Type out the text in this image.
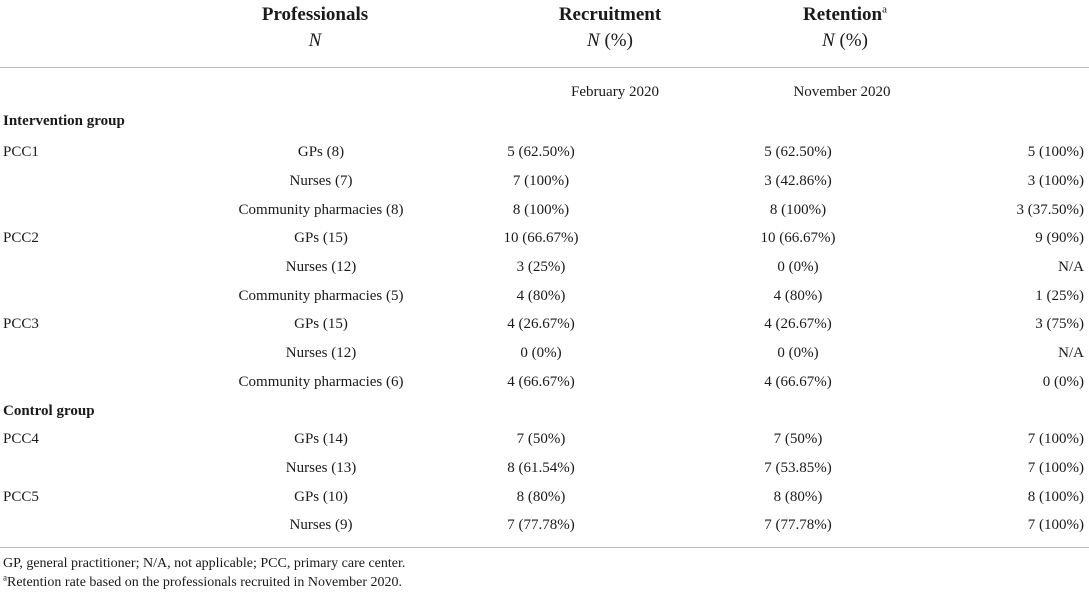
Professionals
N
Recruitment
N (%)
Retention$^a$
N (%)
February 2020	November 2020
Intervention group
PCC1	GPs (8)	5 (62.50%)	5 (62.50%)	5 (100%)
	Nurses (7)	7 (100%)	3 (42.86%)	3 (100%)
	Community pharmacies (8)	8 (100%)	8 (100%)	3 (37.50%)
PCC2	GPs (15)	10 (66.67%)	10 (66.67%)	9 (90%)
	Nurses (12)	3 (25%)	0 (0%)	N/A
	Community pharmacies (5)	4 (80%)	4 (80%)	1 (25%)
PCC3	GPs (15)	4 (26.67%)	4 (26.67%)	3 (75%)
	Nurses (12)	0 (0%)	0 (0%)	N/A
	Community pharmacies (6)	4 (66.67%)	4 (66.67%)	0 (0%)
Control group				
PCC4	GPs (14)	7 (50%)	7 (50%)	7 (100%)
	Nurses (13)	8 (61.54%)	7 (53.85%)	7 (100%)
PCC5	GPs (10)	8 (80%)	8 (80%)	8 (100%)
	Nurses (9)	7 (77.78%)	7 (77.78%)	7 (100%)
GP, general practitioner; N/A, not applicable; PCC, primary care center.
$^a$Retention rate based on the professionals recruited in November 2020.
